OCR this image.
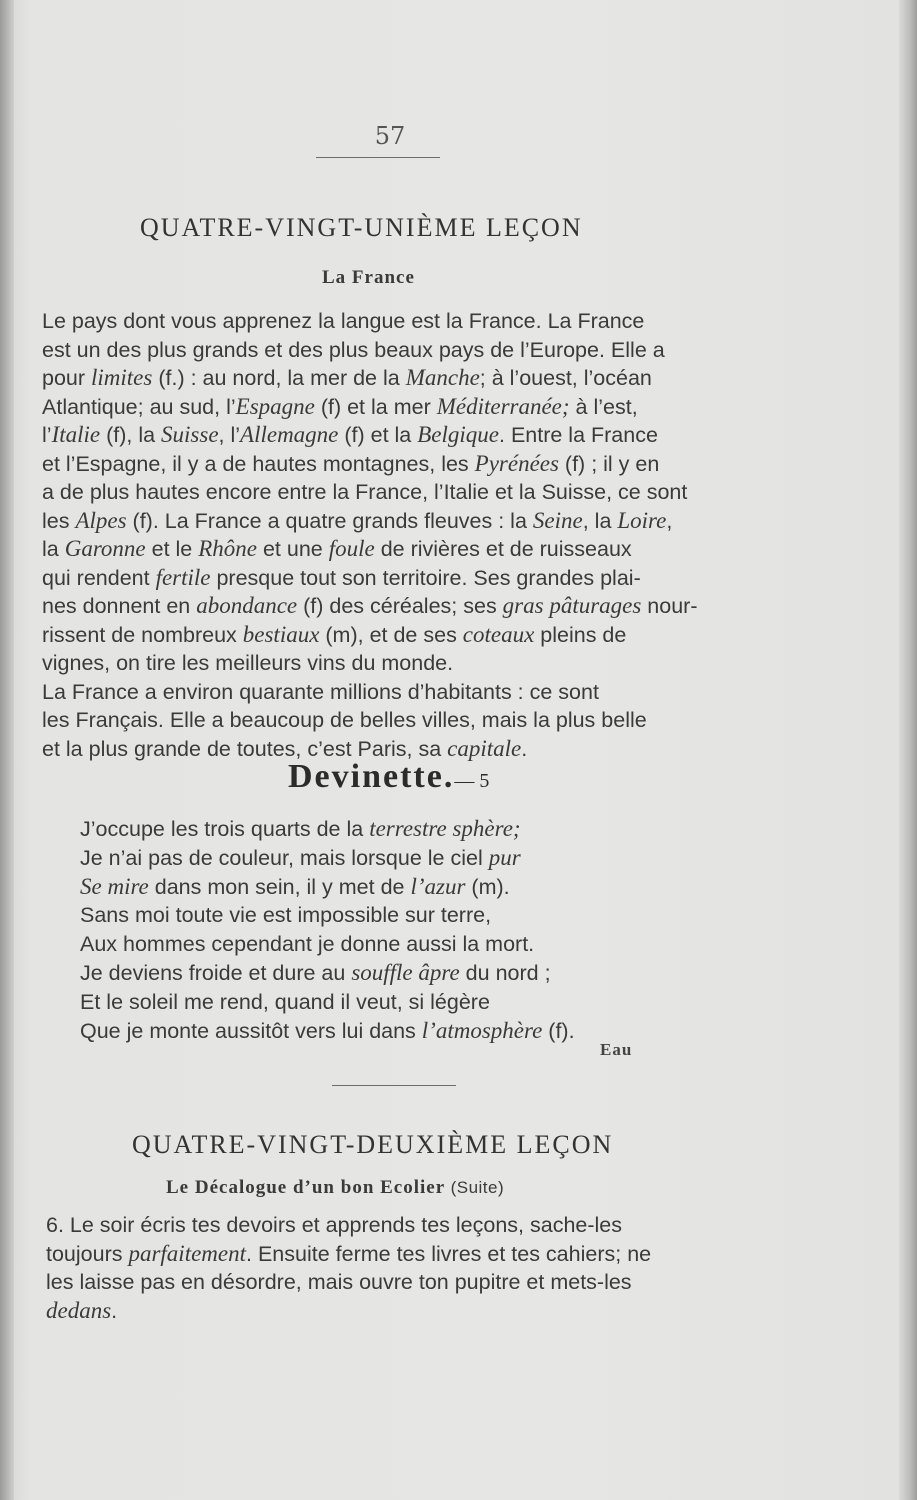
57
QUATRE-VINGT-UNIÈME LEÇON
La France

Le pays dont vous apprenez la langue est la France. La France
est un des plus grands et des plus beaux pays de l’Europe. Elle a
pour limites (f.) : au nord, la mer de la Manche; à l’ouest, l’océan
Atlantique; au sud, l’Espagne (f) et la mer Méditerranée; à l’est,
l’Italie (f), la Suisse, l’Allemagne (f) et la Belgique. Entre la France
et l’Espagne, il y a de hautes montagnes, les Pyrénées (f) ; il y en
a de plus hautes encore entre la France, l’Italie et la Suisse, ce sont
les Alpes (f). La France a quatre grands fleuves : la Seine, la Loire,
la Garonne et le Rhône et une foule de rivières et de ruisseaux
qui rendent fertile presque tout son territoire. Ses grandes plai-
nes donnent en abondance (f) des céréales; ses gras pâturages nour-
rissent de nombreux bestiaux (m), et de ses coteaux pleins de
vignes, on tire les meilleurs vins du monde.

La France a environ quarante millions d’habitants : ce sont
les Français. Elle a beaucoup de belles villes, mais la plus belle
et la plus grande de toutes, c’est Paris, sa capitale.

Devinette.— 5
J’occupe les trois quarts de la terrestre sphère;
Je n’ai pas de couleur, mais lorsque le ciel pur
Se mire dans mon sein, il y met de l’azur (m).
Sans moi toute vie est impossible sur terre,
Aux hommes cependant je donne aussi la mort.
Je deviens froide et dure au souffle âpre du nord ;
Et le soleil me rend, quand il veut, si légère
Que je monte aussitôt vers lui dans l’atmosphère (f).
Eau
QUATRE-VINGT-DEUXIÈME LEÇON
Le Décalogue d’un bon Ecolier (Suite)

6. Le soir écris tes devoirs et apprends tes leçons, sache-les
toujours parfaitement. Ensuite ferme tes livres et tes cahiers; ne
les laisse pas en désordre, mais ouvre ton pupitre et mets-les
dedans.
